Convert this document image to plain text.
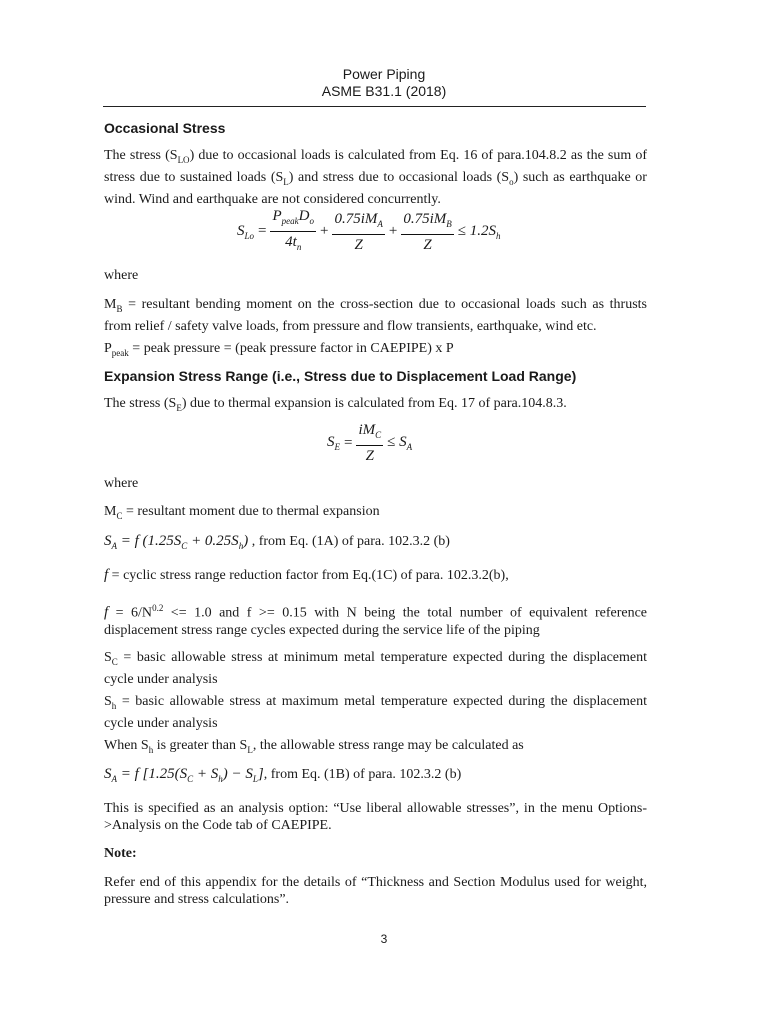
Power Piping
ASME B31.1 (2018)
Occasional Stress
The stress $(S_{LO})$ due to occasional loads is calculated from Eq. 16 of para.104.8.2 as the sum of stress due to sustained loads $(S_L)$ and stress due to occasional loads $(S_o)$ such as earthquake or wind. Wind and earthquake are not considered concurrently.
$S_{Lo} = \frac{P_{peak}D_o}{4t_n} + \frac{0.75iM_A}{Z} + \frac{0.75iM_B}{Z} \le 1.2S_h$
where
$M_B$ = resultant bending moment on the cross-section due to occasional loads such as thrusts from relief / safety valve loads, from pressure and flow transients, earthquake, wind etc.
$P_{peak}$ = peak pressure = (peak pressure factor in CAEPIPE) x P
Expansion Stress Range (i.e., Stress due to Displacement Load Range)
The stress $(S_E)$ due to thermal expansion is calculated from Eq. 17 of para.104.8.3.
$S_E = \frac{iM_C}{Z} \le S_A$
where
$M_C$ = resultant moment due to thermal expansion
$S_A = f$ $(1.25S_C + 0.25S_h)$ , from Eq. (1A) of para. 102.3.2 (b)
f = cyclic stress range reduction factor from Eq.(1C) of para. 102.3.2(b),
$f = 6/N^{0.2} <= 1.0$ and f >= 0.15 with N being the total number of equivalent reference displacement stress range cycles expected during the service life of the piping
$S_C$ = basic allowable stress at minimum metal temperature expected during the displacement cycle under analysis
$S_h$ = basic allowable stress at maximum metal temperature expected during the displacement cycle under analysis
When $S_h$ is greater than $S_L$, the allowable stress range may be calculated as
$S_A = f$ $[1.25(S_C + S_h) - S_L]$, from Eq. (1B) of para. 102.3.2 (b)
This is specified as an analysis option: “Use liberal allowable stresses”, in the menu Options->Analysis on the Code tab of CAEPIPE.
Note:
Refer end of this appendix for the details of “Thickness and Section Modulus used for weight, pressure and stress calculations”.
3
